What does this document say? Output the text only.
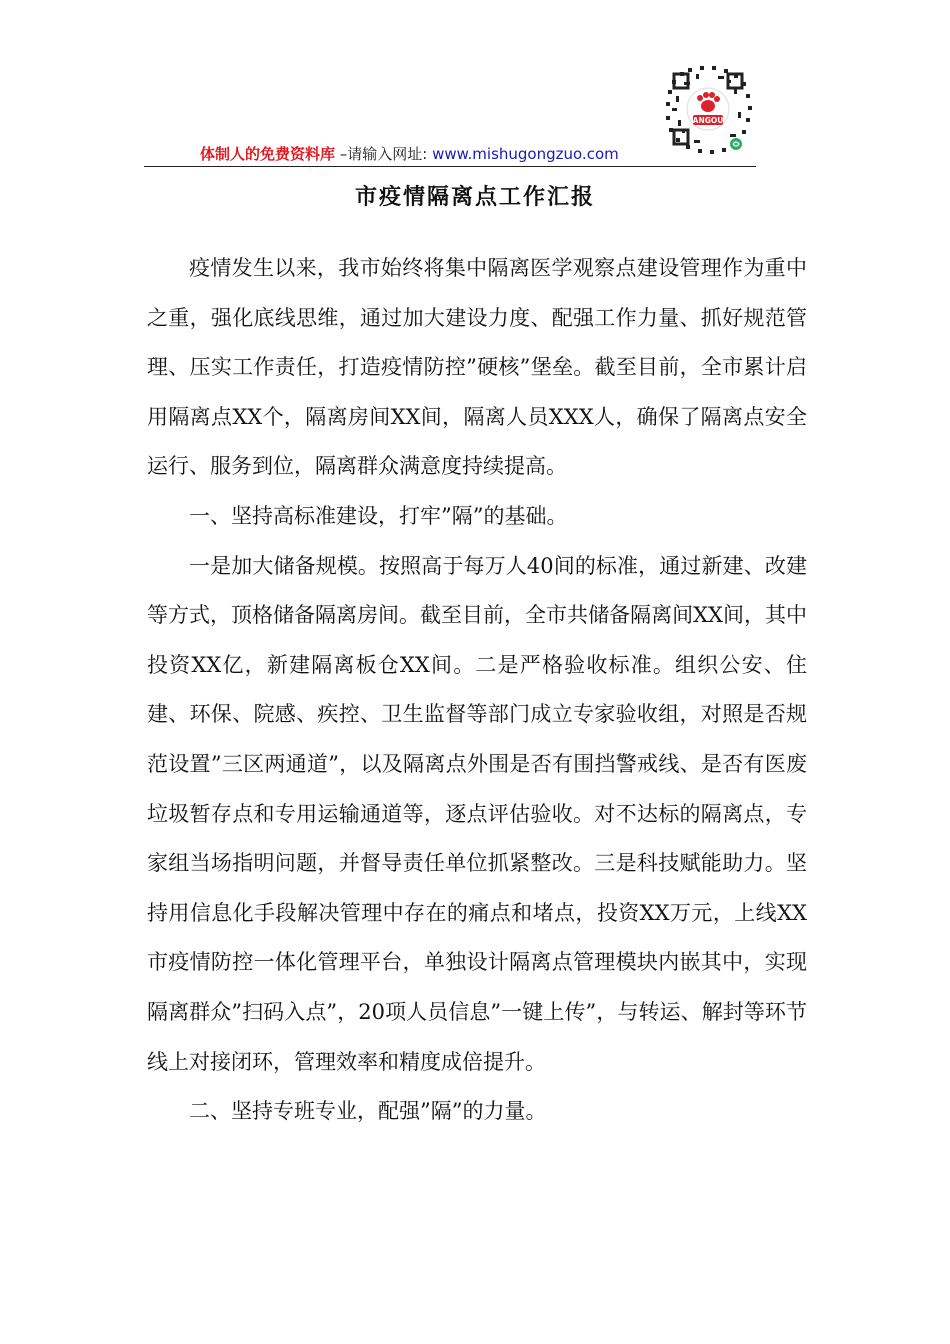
ANGOU
体制人的免费资料库 –请输入网址: www.mishugongzuo.com
市疫情隔离点工作汇报

疫情发生以来，我市始终将集中隔离医学观察点建设管理作为重中之重，强化底线思维，通过加大建设力度、配强工作力量、抓好规范管理、压实工作责任，打造疫情防控”硬核”堡垒。截至目前，全市累计启用隔离点XX个，隔离房间XX间，隔离人员XXX人，确保了隔离点安全运行、服务到位，隔离群众满意度持续提高。

一、坚持高标准建设，打牢”隔”的基础。

一是加大储备规模。按照高于每万人40间的标准，通过新建、改建等方式，顶格储备隔离房间。截至目前，全市共储备隔离间XX间，其中投资XX亿，新建隔离板仓XX间。二是严格验收标准。组织公安、住建、环保、院感、疾控、卫生监督等部门成立专家验收组，对照是否规范设置”三区两通道”，以及隔离点外围是否有围挡警戒线、是否有医废垃圾暂存点和专用运输通道等，逐点评估验收。对不达标的隔离点，专家组当场指明问题，并督导责任单位抓紧整改。三是科技赋能助力。坚持用信息化手段解决管理中存在的痛点和堵点，投资XX万元，上线XX市疫情防控一体化管理平台，单独设计隔离点管理模块内嵌其中，实现隔离群众”扫码入点”，20项人员信息”一键上传”，与转运、解封等环节线上对接闭环，管理效率和精度成倍提升。

二、坚持专班专业，配强”隔”的力量。
